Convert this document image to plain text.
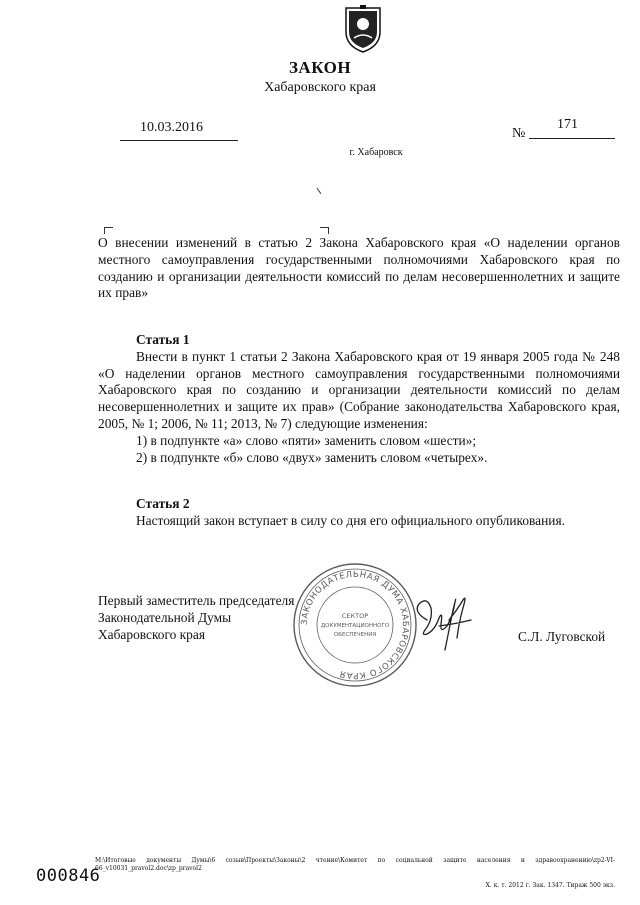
ЗАКОН
Хабаровского края
10.03.2016	№
171
г. Хабаровск
О внесении изменений в статью 2 Закона Хабаровского края «О наделении органов местного самоуправления государственными полномочиями Хабаровского края по созданию и организации деятельности комиссий по делам несовершеннолетних и защите их прав»
Статья 1
Внести в пункт 1 статьи 2 Закона Хабаровского края от 19 января 2005 года № 248 «О наделении органов местного самоуправления государственными полномочиями Хабаровского края по созданию и организации деятельности комиссий по делам несовершеннолетних и защите их прав» (Собрание законодательства Хабаровского края, 2005, № 1; 2006, № 11; 2013, № 7) следующие изменения:
1) в подпункте «а» слово «пяти» заменить словом «шести»;
2) в подпункте «б» слово «двух» заменить словом «четырех».
Статья 2
Настоящий закон вступает в силу со дня его официального опубликования.
ЗАКОНОДАТЕЛЬНАЯ ДУМА ХАБАРОВСКОГО КРАЯ
СЕКТОР
ДОКУМЕНТАЦИОННОГО
ОБЕСПЕЧЕНИЯ
Первый заместитель председателя
Законодательной Думы
Хабаровского края	С.Л. Луговской
M:\Итоговые документы Думы\6 созыв\Проекты\Законы\2 чтение\Комитет по социальной защите населения и здравоохранению\zp2-VI-66_v10031_pravol2.doc\zp_pravol2
Х. к. т. 2012 г. Зак. 1347. Тираж 500 экз.
000846
